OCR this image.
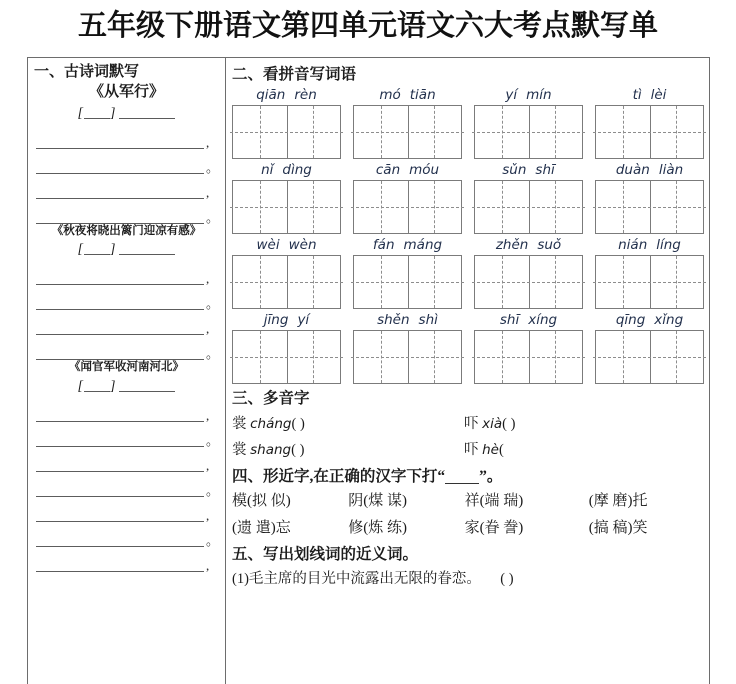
五年级下册语文第四单元语文六大考点默写单
一、古诗词默写
《从军行》
[ ]
,
。
,
。
《秋夜将晓出篱门迎凉有感》
[ ]
,
。
,
。
《闻官军收河南河北》
[ ]
,
。
,
。
,
。
,
二、看拼音写词语
qiān rèn	mó tiān	yí mín	tì lèi
nǐ dìng	cān móu	sǔn shī	duàn liàn
wèi wèn	fán máng	zhěn suǒ	nián líng
jīng yí	shěn shì	shī xíng	qīng xǐng
三、多音字
裳 cháng( )	吓 xià( )
裳 shang( )	吓 hè(
四、形近字,在正确的汉字下打“ ”。
模(拟 似)	阴(煤 谋)	祥(端 瑞)	(摩 磨)托
(遗 遣)忘	修(炼 练)	家(眷 誊)	(搞 稿)笑
五、写出划线词的近义词。
(1)毛主席的目光中流露出无限的眷恋。 ( )
